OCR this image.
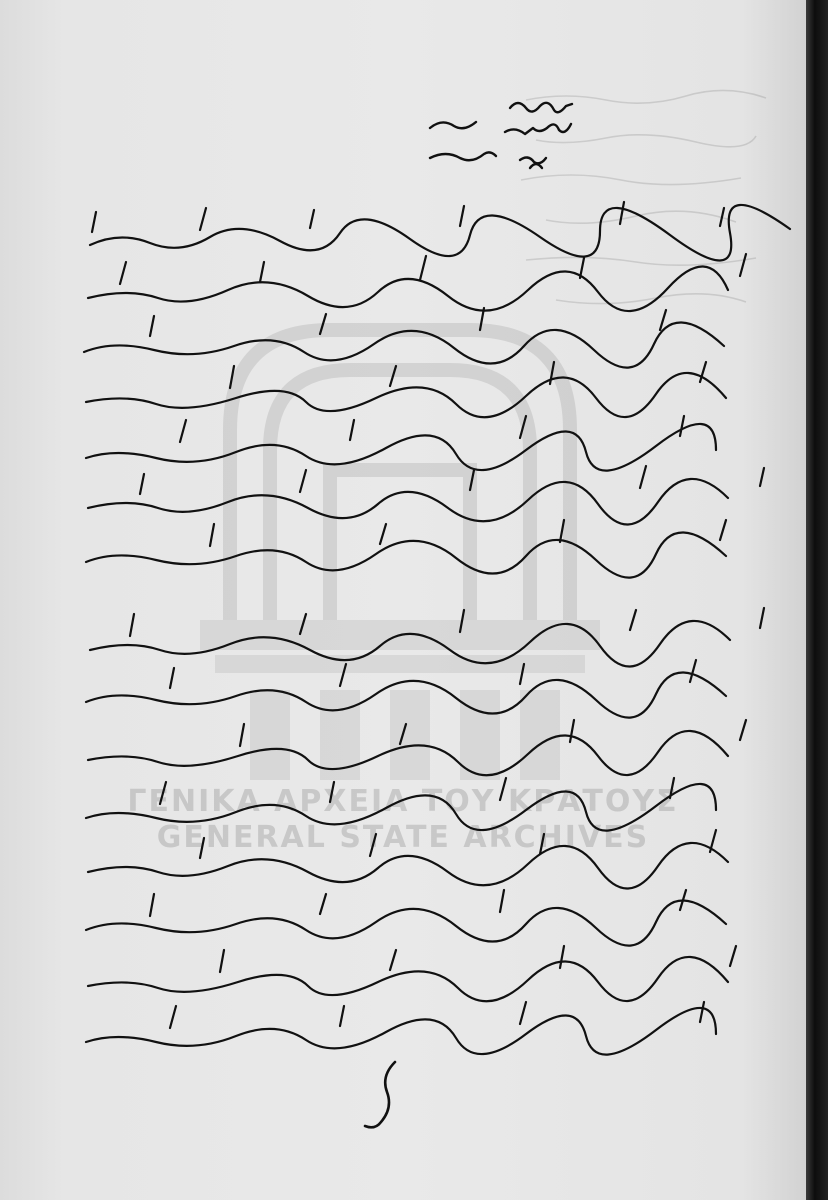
ΓΕΝΙΚΑ ΑΡΧΕΙΑ ΤΟΥ ΚΡΑΤΟΥΣ
GENERAL STATE ARCHIVES
